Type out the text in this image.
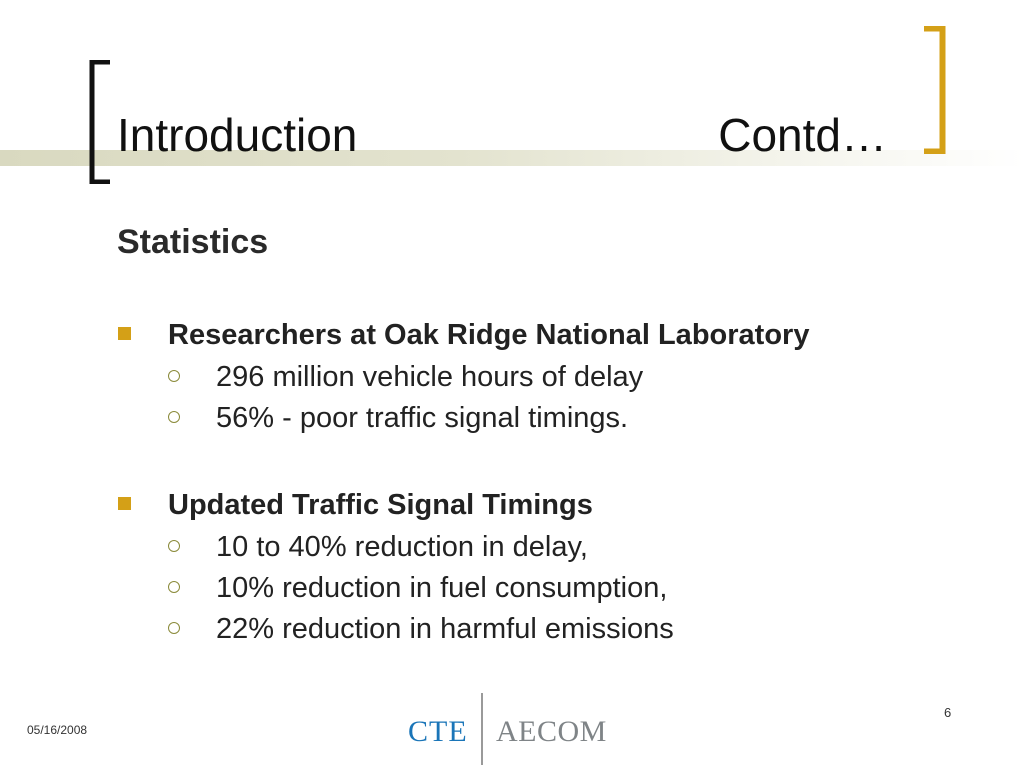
Introduction	Contd…
Statistics
Researchers at Oak Ridge National Laboratory
296 million vehicle hours of delay
56% - poor traffic signal timings.
Updated Traffic Signal Timings
10 to 40% reduction in delay,
10% reduction in fuel consumption,
22% reduction in harmful emissions
05/16/2008	CTE AECOM
6
